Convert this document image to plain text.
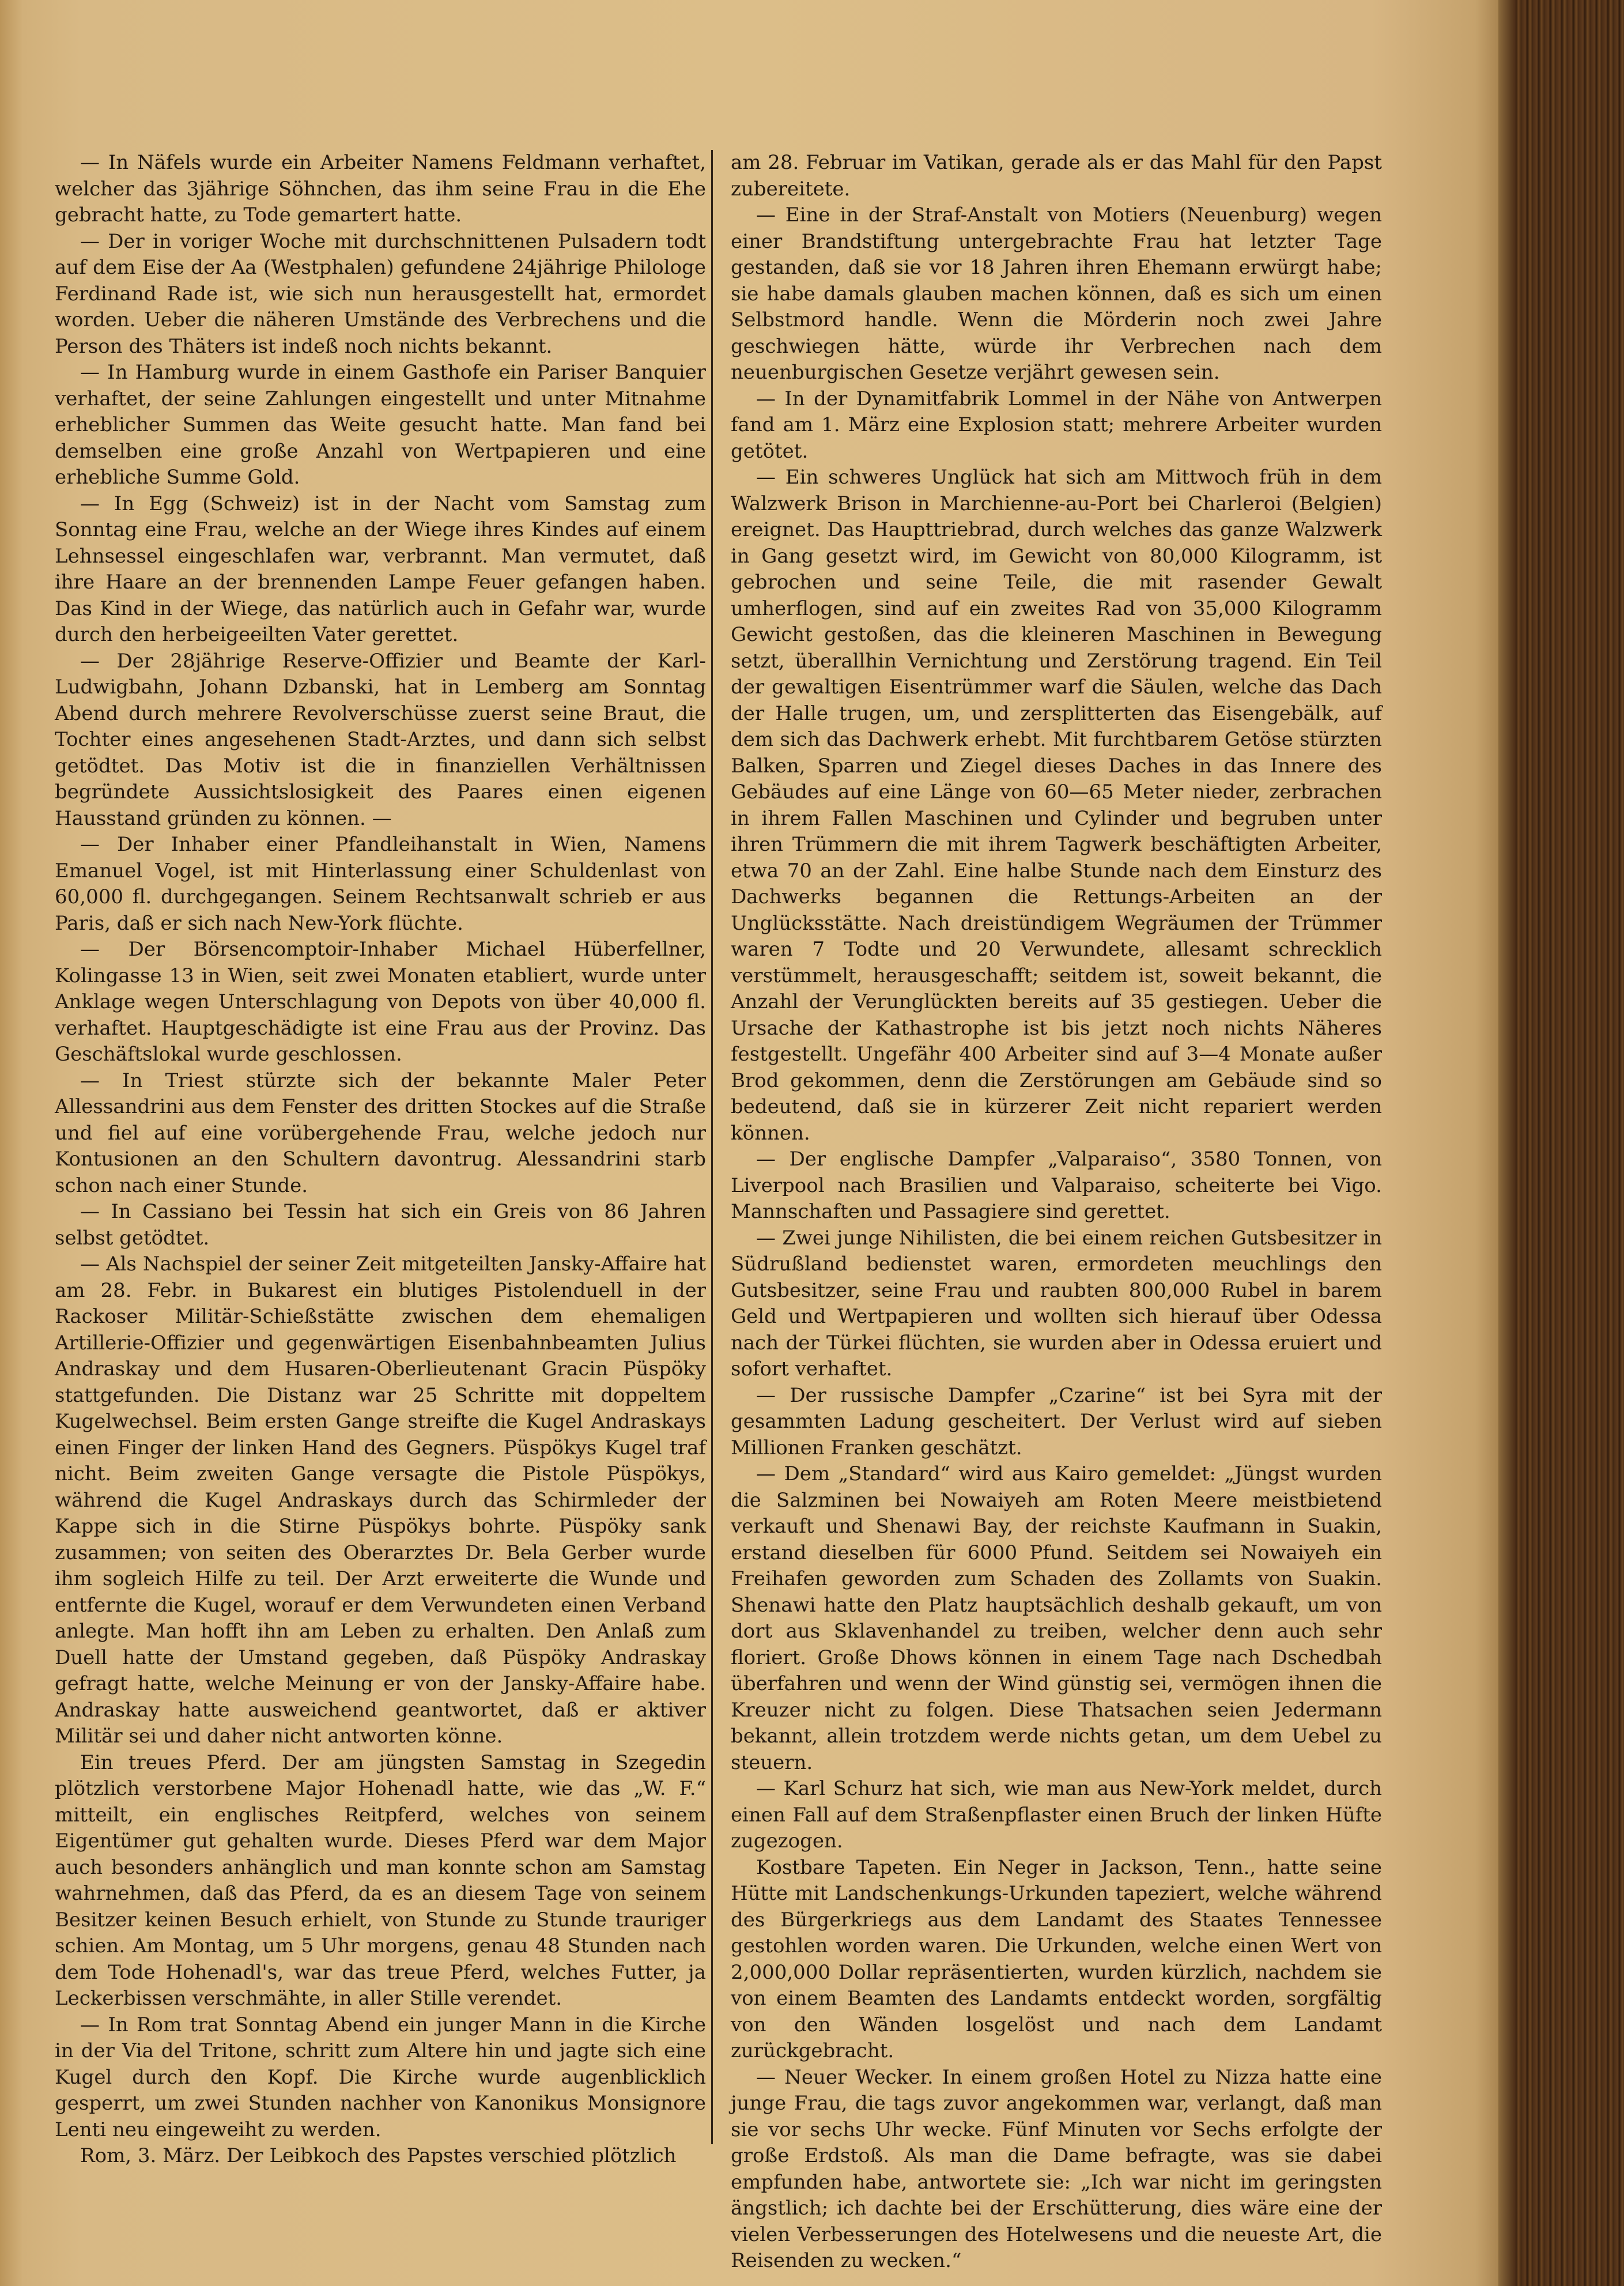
— In Näfels wurde ein Arbeiter Namens Feldmann verhaftet, welcher das 3jährige Söhnchen, das ihm seine Frau in die Ehe gebracht hatte, zu Tode gemartert hatte.

— Der in voriger Woche mit durchschnittenen Pulsadern todt auf dem Eise der Aa (Westphalen) gefundene 24jährige Philologe Ferdinand Rade ist, wie sich nun herausgestellt hat, ermordet worden. Ueber die näheren Umstände des Verbrechens und die Person des Thäters ist indeß noch nichts bekannt.

— In Hamburg wurde in einem Gasthofe ein Pariser Banquier verhaftet, der seine Zahlungen eingestellt und unter Mitnahme erheblicher Summen das Weite gesucht hatte. Man fand bei demselben eine große Anzahl von Wertpapieren und eine erhebliche Summe Gold.

— In Egg (Schweiz) ist in der Nacht vom Samstag zum Sonntag eine Frau, welche an der Wiege ihres Kindes auf einem Lehnsessel eingeschlafen war, verbrannt. Man vermutet, daß ihre Haare an der brennenden Lampe Feuer gefangen haben. Das Kind in der Wiege, das natürlich auch in Gefahr war, wurde durch den herbeigeeilten Vater gerettet.

— Der 28jährige Reserve-Offizier und Beamte der Karl-Ludwigbahn, Johann Dzbanski, hat in Lemberg am Sonntag Abend durch mehrere Revolverschüsse zuerst seine Braut, die Tochter eines angesehenen Stadt-Arztes, und dann sich selbst getödtet. Das Motiv ist die in finanziellen Verhältnissen begründete Aussichtslosigkeit des Paares einen eigenen Hausstand gründen zu können. —

— Der Inhaber einer Pfandleihanstalt in Wien, Namens Emanuel Vogel, ist mit Hinterlassung einer Schuldenlast von 60,000 fl. durchgegangen. Seinem Rechtsanwalt schrieb er aus Paris, daß er sich nach New-York flüchte.

— Der Börsencomptoir-Inhaber Michael Hüberfellner, Kolingasse 13 in Wien, seit zwei Monaten etabliert, wurde unter Anklage wegen Unterschlagung von Depots von über 40,000 fl. verhaftet. Hauptgeschädigte ist eine Frau aus der Provinz. Das Geschäftslokal wurde geschlossen.

— In Triest stürzte sich der bekannte Maler Peter Allessandrini aus dem Fenster des dritten Stockes auf die Straße und fiel auf eine vorübergehende Frau, welche jedoch nur Kontusionen an den Schultern davontrug. Alessandrini starb schon nach einer Stunde.

— In Cassiano bei Tessin hat sich ein Greis von 86 Jahren selbst getödtet.

— Als Nachspiel der seiner Zeit mitgeteilten Jansky-Affaire hat am 28. Febr. in Bukarest ein blutiges Pistolenduell in der Rackoser Militär-Schießstätte zwischen dem ehemaligen Artillerie-Offizier und gegenwärtigen Eisenbahnbeamten Julius Andraskay und dem Husaren-Oberlieutenant Gracin Püspöky stattgefunden. Die Distanz war 25 Schritte mit doppeltem Kugelwechsel. Beim ersten Gange streifte die Kugel Andraskays einen Finger der linken Hand des Gegners. Püspökys Kugel traf nicht. Beim zweiten Gange versagte die Pistole Püspökys, während die Kugel Andraskays durch das Schirmleder der Kappe sich in die Stirne Püspökys bohrte. Püspöky sank zusammen; von seiten des Oberarztes Dr. Bela Gerber wurde ihm sogleich Hilfe zu teil. Der Arzt erweiterte die Wunde und entfernte die Kugel, worauf er dem Verwundeten einen Verband anlegte. Man hofft ihn am Leben zu erhalten. Den Anlaß zum Duell hatte der Umstand gegeben, daß Püspöky Andraskay gefragt hatte, welche Meinung er von der Jansky-Affaire habe. Andraskay hatte ausweichend geantwortet, daß er aktiver Militär sei und daher nicht antworten könne.

Ein treues Pferd. Der am jüngsten Samstag in Szegedin plötzlich verstorbene Major Hohenadl hatte, wie das „W. F.“ mitteilt, ein englisches Reitpferd, welches von seinem Eigentümer gut gehalten wurde. Dieses Pferd war dem Major auch besonders anhänglich und man konnte schon am Samstag wahrnehmen, daß das Pferd, da es an diesem Tage von seinem Besitzer keinen Besuch erhielt, von Stunde zu Stunde trauriger schien. Am Montag, um 5 Uhr morgens, genau 48 Stunden nach dem Tode Hohenadl's, war das treue Pferd, welches Futter, ja Leckerbissen verschmähte, in aller Stille verendet.

— In Rom trat Sonntag Abend ein junger Mann in die Kirche in der Via del Tritone, schritt zum Altere hin und jagte sich eine Kugel durch den Kopf. Die Kirche wurde augenblicklich gesperrt, um zwei Stunden nachher von Kanonikus Monsignore Lenti neu eingeweiht zu werden.

Rom, 3. März. Der Leibkoch des Papstes verschied plötzlich

am 28. Februar im Vatikan, gerade als er das Mahl für den Papst zubereitete.

— Eine in der Straf-Anstalt von Motiers (Neuenburg) wegen einer Brandstiftung untergebrachte Frau hat letzter Tage gestanden, daß sie vor 18 Jahren ihren Ehemann erwürgt habe; sie habe damals glauben machen können, daß es sich um einen Selbstmord handle. Wenn die Mörderin noch zwei Jahre geschwiegen hätte, würde ihr Verbrechen nach dem neuenburgischen Gesetze verjährt gewesen sein.

— In der Dynamitfabrik Lommel in der Nähe von Antwerpen fand am 1. März eine Explosion statt; mehrere Arbeiter wurden getötet.

— Ein schweres Unglück hat sich am Mittwoch früh in dem Walzwerk Brison in Marchienne-au-Port bei Charleroi (Belgien) ereignet. Das Haupttriebrad, durch welches das ganze Walzwerk in Gang gesetzt wird, im Gewicht von 80,000 Kilogramm, ist gebrochen und seine Teile, die mit rasender Gewalt umherflogen, sind auf ein zweites Rad von 35,000 Kilogramm Gewicht gestoßen, das die kleineren Maschinen in Bewegung setzt, überallhin Vernichtung und Zerstörung tragend. Ein Teil der gewaltigen Eisentrümmer warf die Säulen, welche das Dach der Halle trugen, um, und zersplitterten das Eisengebälk, auf dem sich das Dachwerk erhebt. Mit furchtbarem Getöse stürzten Balken, Sparren und Ziegel dieses Daches in das Innere des Gebäudes auf eine Länge von 60—65 Meter nieder, zerbrachen in ihrem Fallen Maschinen und Cylinder und begruben unter ihren Trümmern die mit ihrem Tagwerk beschäftigten Arbeiter, etwa 70 an der Zahl. Eine halbe Stunde nach dem Einsturz des Dachwerks begannen die Rettungs-Arbeiten an der Unglücksstätte. Nach dreistündigem Wegräumen der Trümmer waren 7 Todte und 20 Verwundete, allesamt schrecklich verstümmelt, herausgeschafft; seitdem ist, soweit bekannt, die Anzahl der Verunglückten bereits auf 35 gestiegen. Ueber die Ursache der Kathastrophe ist bis jetzt noch nichts Näheres festgestellt. Ungefähr 400 Arbeiter sind auf 3—4 Monate außer Brod gekommen, denn die Zerstörungen am Gebäude sind so bedeutend, daß sie in kürzerer Zeit nicht repariert werden können.

— Der englische Dampfer „Valparaiso“, 3580 Tonnen, von Liverpool nach Brasilien und Valparaiso, scheiterte bei Vigo. Mannschaften und Passagiere sind gerettet.

— Zwei junge Nihilisten, die bei einem reichen Gutsbesitzer in Südrußland bedienstet waren, ermordeten meuchlings den Gutsbesitzer, seine Frau und raubten 800,000 Rubel in barem Geld und Wertpapieren und wollten sich hierauf über Odessa nach der Türkei flüchten, sie wurden aber in Odessa eruiert und sofort verhaftet.

— Der russische Dampfer „Czarine“ ist bei Syra mit der gesammten Ladung gescheitert. Der Verlust wird auf sieben Millionen Franken geschätzt.

— Dem „Standard“ wird aus Kairo gemeldet: „Jüngst wurden die Salzminen bei Nowaiyeh am Roten Meere meistbietend verkauft und Shenawi Bay, der reichste Kaufmann in Suakin, erstand dieselben für 6000 Pfund. Seitdem sei Nowaiyeh ein Freihafen geworden zum Schaden des Zollamts von Suakin. Shenawi hatte den Platz hauptsächlich deshalb gekauft, um von dort aus Sklavenhandel zu treiben, welcher denn auch sehr floriert. Große Dhows können in einem Tage nach Dschedbah überfahren und wenn der Wind günstig sei, vermögen ihnen die Kreuzer nicht zu folgen. Diese Thatsachen seien Jedermann bekannt, allein trotzdem werde nichts getan, um dem Uebel zu steuern.

— Karl Schurz hat sich, wie man aus New-York meldet, durch einen Fall auf dem Straßenpflaster einen Bruch der linken Hüfte zugezogen.

Kostbare Tapeten. Ein Neger in Jackson, Tenn., hatte seine Hütte mit Landschenkungs-Urkunden tapeziert, welche während des Bürgerkriegs aus dem Landamt des Staates Tennessee gestohlen worden waren. Die Urkunden, welche einen Wert von 2,000,000 Dollar repräsentierten, wurden kürzlich, nachdem sie von einem Beamten des Landamts entdeckt worden, sorgfältig von den Wänden losgelöst und nach dem Landamt zurückgebracht.

— Neuer Wecker. In einem großen Hotel zu Nizza hatte eine junge Frau, die tags zuvor angekommen war, verlangt, daß man sie vor sechs Uhr wecke. Fünf Minuten vor Sechs erfolgte der große Erdstoß. Als man die Dame befragte, was sie dabei empfunden habe, antwortete sie: „Ich war nicht im geringsten ängstlich; ich dachte bei der Erschütterung, dies wäre eine der vielen Verbesserungen des Hotelwesens und die neueste Art, die Reisenden zu wecken.“
